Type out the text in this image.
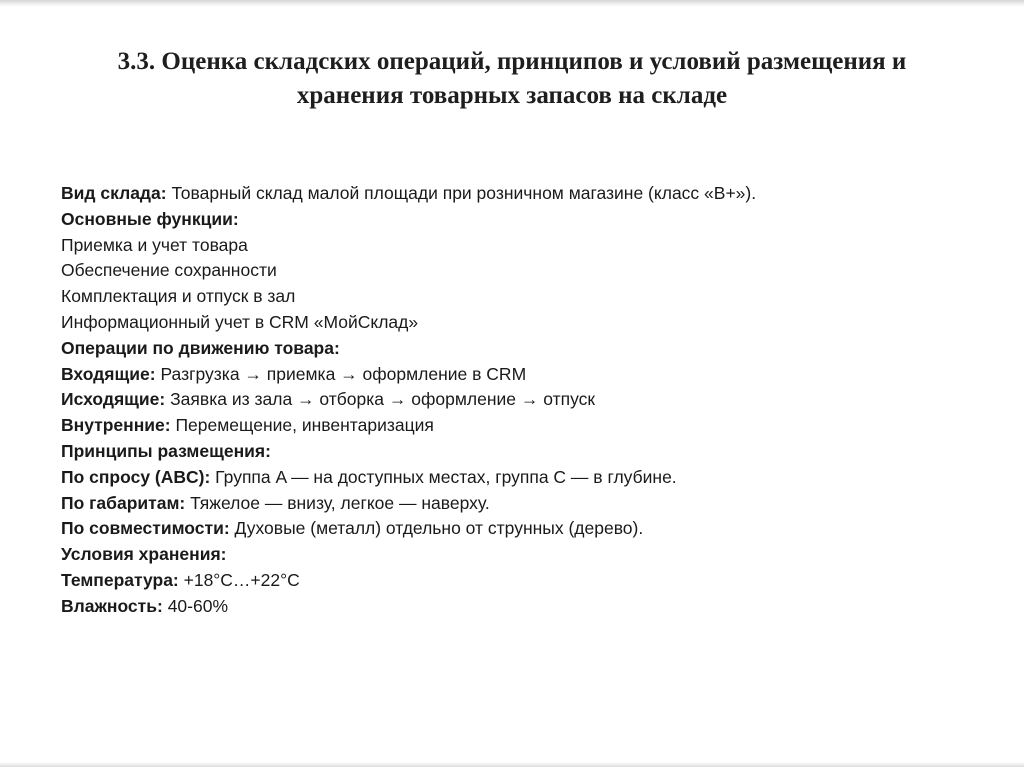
3.3. Оценка складских операций, принципов и условий размещения и
хранения товарных запасов на складе
Вид склада: Товарный склад малой площади при розничном магазине (класс «В+»).
Основные функции:
Приемка и учет товара
Обеспечение сохранности
Комплектация и отпуск в зал
Информационный учет в CRM «МойСклад»
Операции по движению товара:
Входящие: Разгрузка → приемка → оформление в CRM
Исходящие: Заявка из зала → отборка → оформление → отпуск
Внутренние: Перемещение, инвентаризация
Принципы размещения:
По спросу (ABC): Группа A — на доступных местах, группа C — в глубине.
По габаритам: Тяжелое — внизу, легкое — наверху.
По совместимости: Духовые (металл) отдельно от струнных (дерево).
Условия хранения:
Температура: +18°C…+22°C
Влажность: 40-60%
